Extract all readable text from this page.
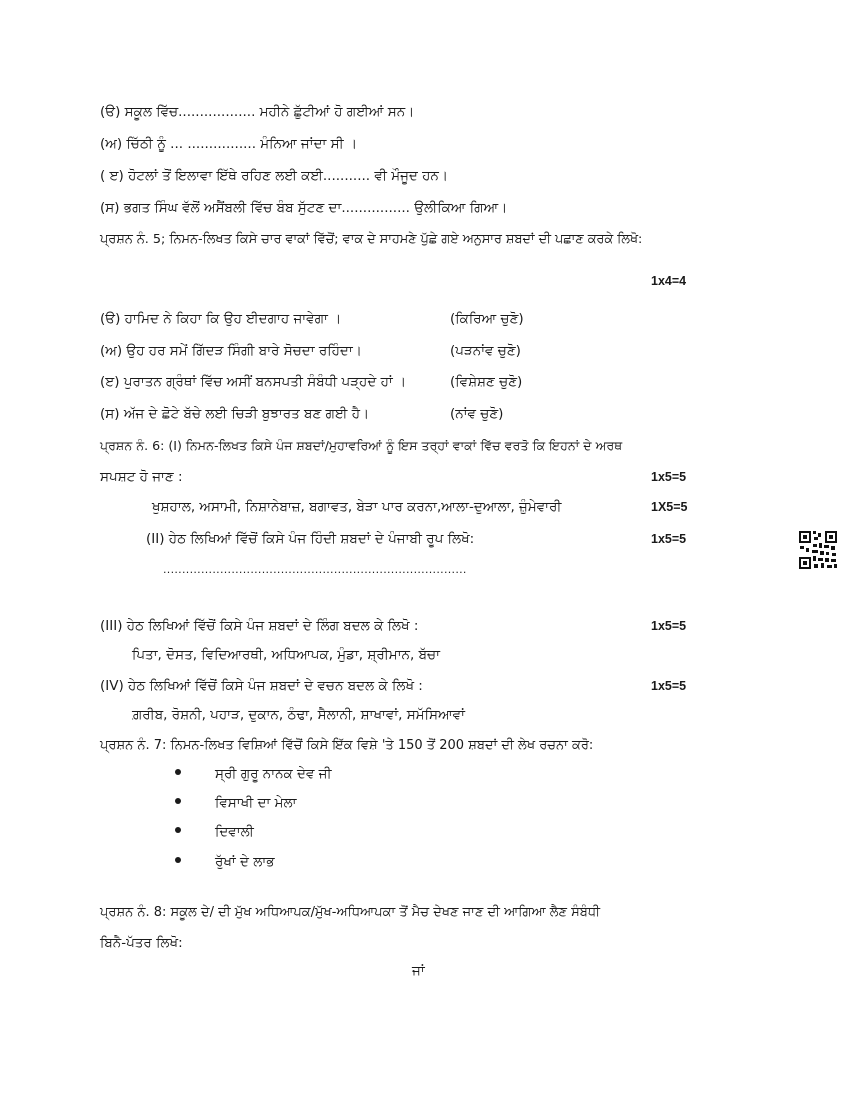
(ੳ) ਸਕੂਲ ਵਿੱਚ.................. ਮਹੀਨੇ ਛੁੱਟੀਆਂ ਹੋ ਗਈਆਂ ਸਨ।
(ਅ) ਚਿੱਠੀ ਨੂੰ ... ................ ਮੰਨਿਆ ਜਾਂਦਾ ਸੀ ।
( ੲ) ਹੋਟਲਾਂ ਤੋਂ ਇਲਾਵਾ ਇੱਥੇ ਰਹਿਣ ਲਈ ਕਈ........... ਵੀ ਮੌਜੂਦ ਹਨ।
(ਸ) ਭਗਤ ਸਿੰਘ ਵੱਲੋਂ ਅਸੈਂਬਲੀ ਵਿੱਚ ਬੰਬ ਸੁੱਟਣ ਦਾ................ ਉਲੀਕਿਆ ਗਿਆ।
ਪ੍ਰਸ਼ਨ ਨੰ. 5; ਨਿਮਨ-ਲਿਖਤ ਕਿਸੇ ਚਾਰ ਵਾਕਾਂ ਵਿੱਚੋਂ; ਵਾਕ ਦੇ ਸਾਹਮਣੇ ਪੁੱਛੇ ਗਏ ਅਨੁਸਾਰ ਸ਼ਬਦਾਂ ਦੀ ਪਛਾਣ ਕਰਕੇ ਲਿਖੋ:
1x4=4
(ੳ) ਹਾਮਿਦ ਨੇ ਕਿਹਾ ਕਿ ਉਹ ਈਦਗਾਹ ਜਾਵੇਗਾ ।	(ਕਿਰਿਆ ਚੁਣੋ)
(ਅ) ਉਹ ਹਰ ਸਮੇਂ ਗਿੱਦੜ ਸਿੰਗੀ ਬਾਰੇ ਸੋਚਦਾ ਰਹਿੰਦਾ।	(ਪੜਨਾਂਵ ਚੁਣੋ)
(ੲ) ਪੁਰਾਤਨ ਗ੍ਰੰਥਾਂ ਵਿੱਚ ਅਸੀਂ ਬਨਸਪਤੀ ਸੰਬੰਧੀ ਪੜ੍ਹਦੇ ਹਾਂ ।	(ਵਿਸ਼ੇਸ਼ਣ ਚੁਣੋ)
(ਸ) ਅੱਜ ਦੇ ਛੋਟੇ ਬੱਚੇ ਲਈ ਚਿੜੀ ਬੁਝਾਰਤ ਬਣ ਗਈ ਹੈ।	(ਨਾਂਵ ਚੁਣੋ)
ਪ੍ਰਸ਼ਨ ਨੰ. 6: (I) ਨਿਮਨ-ਲਿਖਤ ਕਿਸੇ ਪੰਜ ਸ਼ਬਦਾਂ/ਮੁਹਾਵਰਿਆਂ ਨੂੰ ਇਸ ਤਰ੍ਹਾਂ ਵਾਕਾਂ ਵਿੱਚ ਵਰਤੋ ਕਿ ਇਹਨਾਂ ਦੇ ਅਰਥ
ਸਪਸ਼ਟ ਹੋ ਜਾਣ :	1x5=5
ਖੁਸ਼ਹਾਲ, ਅਸਾਮੀ, ਨਿਸ਼ਾਨੇਬਾਜ਼, ਬਗਾਵਤ, ਬੇੜਾ ਪਾਰ ਕਰਨਾ,ਆਲਾ-ਦੁਆਲਾ, ਜ਼ੁੰਮੇਵਾਰੀ	1X5=5
(II) ਹੇਠ ਲਿਖਿਆਂ ਵਿੱਚੋਂ ਕਿਸੇ ਪੰਜ ਹਿੰਦੀ ਸ਼ਬਦਾਂ ਦੇ ਪੰਜਾਬੀ ਰੂਪ ਲਿਖੋ:	1x5=5
................................................................................
(III) ਹੇਠ ਲਿਖਿਆਂ ਵਿੱਚੋਂ ਕਿਸੇ ਪੰਜ ਸ਼ਬਦਾਂ ਦੇ ਲਿੰਗ ਬਦਲ ਕੇ ਲਿਖੋ :	1x5=5
ਪਿਤਾ, ਦੋਸਤ, ਵਿਦਿਆਰਥੀ, ਅਧਿਆਪਕ, ਮੁੰਡਾ, ਸ਼੍ਰੀਮਾਨ, ਬੱਚਾ
(IV) ਹੇਠ ਲਿਖਿਆਂ ਵਿੱਚੋਂ ਕਿਸੇ ਪੰਜ ਸ਼ਬਦਾਂ ਦੇ ਵਚਨ ਬਦਲ ਕੇ ਲਿਖੋ :	1x5=5
ਗ਼ਰੀਬ, ਰੋਸ਼ਨੀ, ਪਹਾੜ, ਦੁਕਾਨ, ਠੰਢਾ, ਸੈਲਾਨੀ, ਸ਼ਾਖਾਵਾਂ, ਸਮੱਸਿਆਵਾਂ
ਪ੍ਰਸ਼ਨ ਨੰ. 7: ਨਿਮਨ-ਲਿਖਤ ਵਿਸ਼ਿਆਂ ਵਿੱਚੋਂ ਕਿਸੇ ਇੱਕ ਵਿਸ਼ੇ 'ਤੇ 150 ਤੋਂ 200 ਸ਼ਬਦਾਂ ਦੀ ਲੇਖ ਰਚਨਾ ਕਰੋ:
ਸ੍ਰੀ ਗੁਰੂ ਨਾਨਕ ਦੇਵ ਜੀ
ਵਿਸਾਖੀ ਦਾ ਮੇਲਾ
ਦਿਵਾਲੀ
ਰੁੱਖਾਂ ਦੇ ਲਾਭ
ਪ੍ਰਸ਼ਨ ਨੰ. 8: ਸਕੂਲ ਦੇ/ ਦੀ ਮੁੱਖ ਅਧਿਆਪਕ/ਮੁੱਖ-ਅਧਿਆਪਕਾ ਤੋਂ ਮੈਚ ਦੇਖਣ ਜਾਣ ਦੀ ਆਗਿਆ ਲੈਣ ਸੰਬੰਧੀ
ਬਿਨੈ-ਪੱਤਰ ਲਿਖੋ:
ਜਾਂ
